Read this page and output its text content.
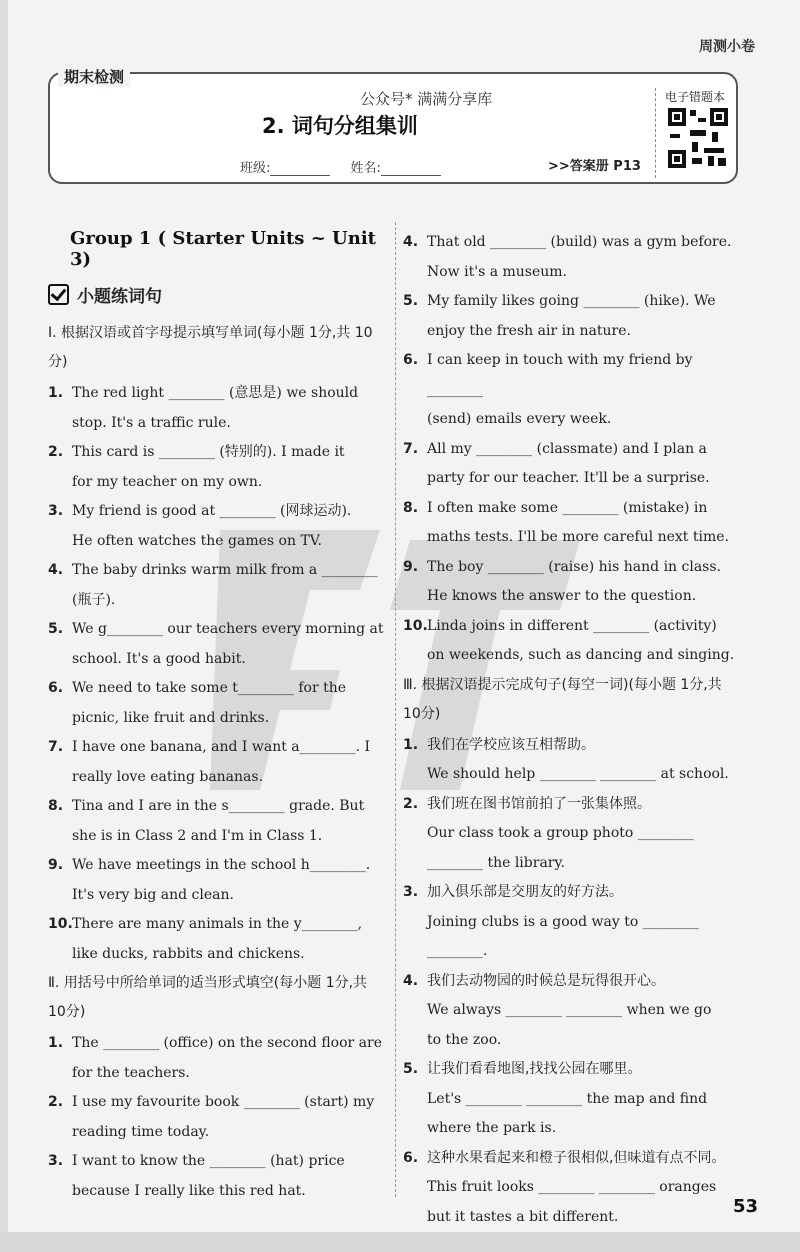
周测小卷
期末检测
公众号* 满满分享库
2. 词句分组集训
班级:	姓名:	>>答案册 P13
电子错题本
Group 1 ( Starter Units ~ Unit 3)
小题练词句
Ⅰ. 根据汉语或首字母提示填写单词(每小题 1分,共 10分)
1. The red light ________ (意思是) we should
stop. It's a traffic rule.
2. This card is ________ (特别的). I made it
for my teacher on my own.
3. My friend is good at ________ (网球运动).
He often watches the games on TV.
4. The baby drinks warm milk from a ________
(瓶子).
5. We g________ our teachers every morning at
school. It's a good habit.
6. We need to take some t________ for the
picnic, like fruit and drinks.
7. I have one banana, and I want a________. I
really love eating bananas.
8. Tina and I are in the s________ grade. But
she is in Class 2 and I'm in Class 1.
9. We have meetings in the school h________.
It's very big and clean.
10. There are many animals in the y________,
like ducks, rabbits and chickens.
Ⅱ. 用括号中所给单词的适当形式填空(每小题 1分,共 10分)
1. The ________ (office) on the second floor are
for the teachers.
2. I use my favourite book ________ (start) my
reading time today.
3. I want to know the ________ (hat) price
because I really like this red hat.
4. That old ________ (build) was a gym before.
Now it's a museum.
5. My family likes going ________ (hike). We
enjoy the fresh air in nature.
6. I can keep in touch with my friend by ________
(send) emails every week.
7. All my ________ (classmate) and I plan a
party for our teacher. It'll be a surprise.
8. I often make some ________ (mistake) in
maths tests. I'll be more careful next time.
9. The boy ________ (raise) his hand in class.
He knows the answer to the question.
10. Linda joins in different ________ (activity)
on weekends, such as dancing and singing.
Ⅲ. 根据汉语提示完成句子(每空一词)(每小题 1分,共 10分)
1. 我们在学校应该互相帮助。
We should help ________ ________ at school.
2. 我们班在图书馆前拍了一张集体照。
Our class took a group photo ________
________ the library.
3. 加入俱乐部是交朋友的好方法。
Joining clubs is a good way to ________
________.
4. 我们去动物园的时候总是玩得很开心。
We always ________ ________ when we go
to the zoo.
5. 让我们看看地图,找找公园在哪里。
Let's ________ ________ the map and find
where the park is.
6. 这种水果看起来和橙子很相似,但味道有点不同。
This fruit looks ________ ________ oranges
but it tastes a bit different.	53
